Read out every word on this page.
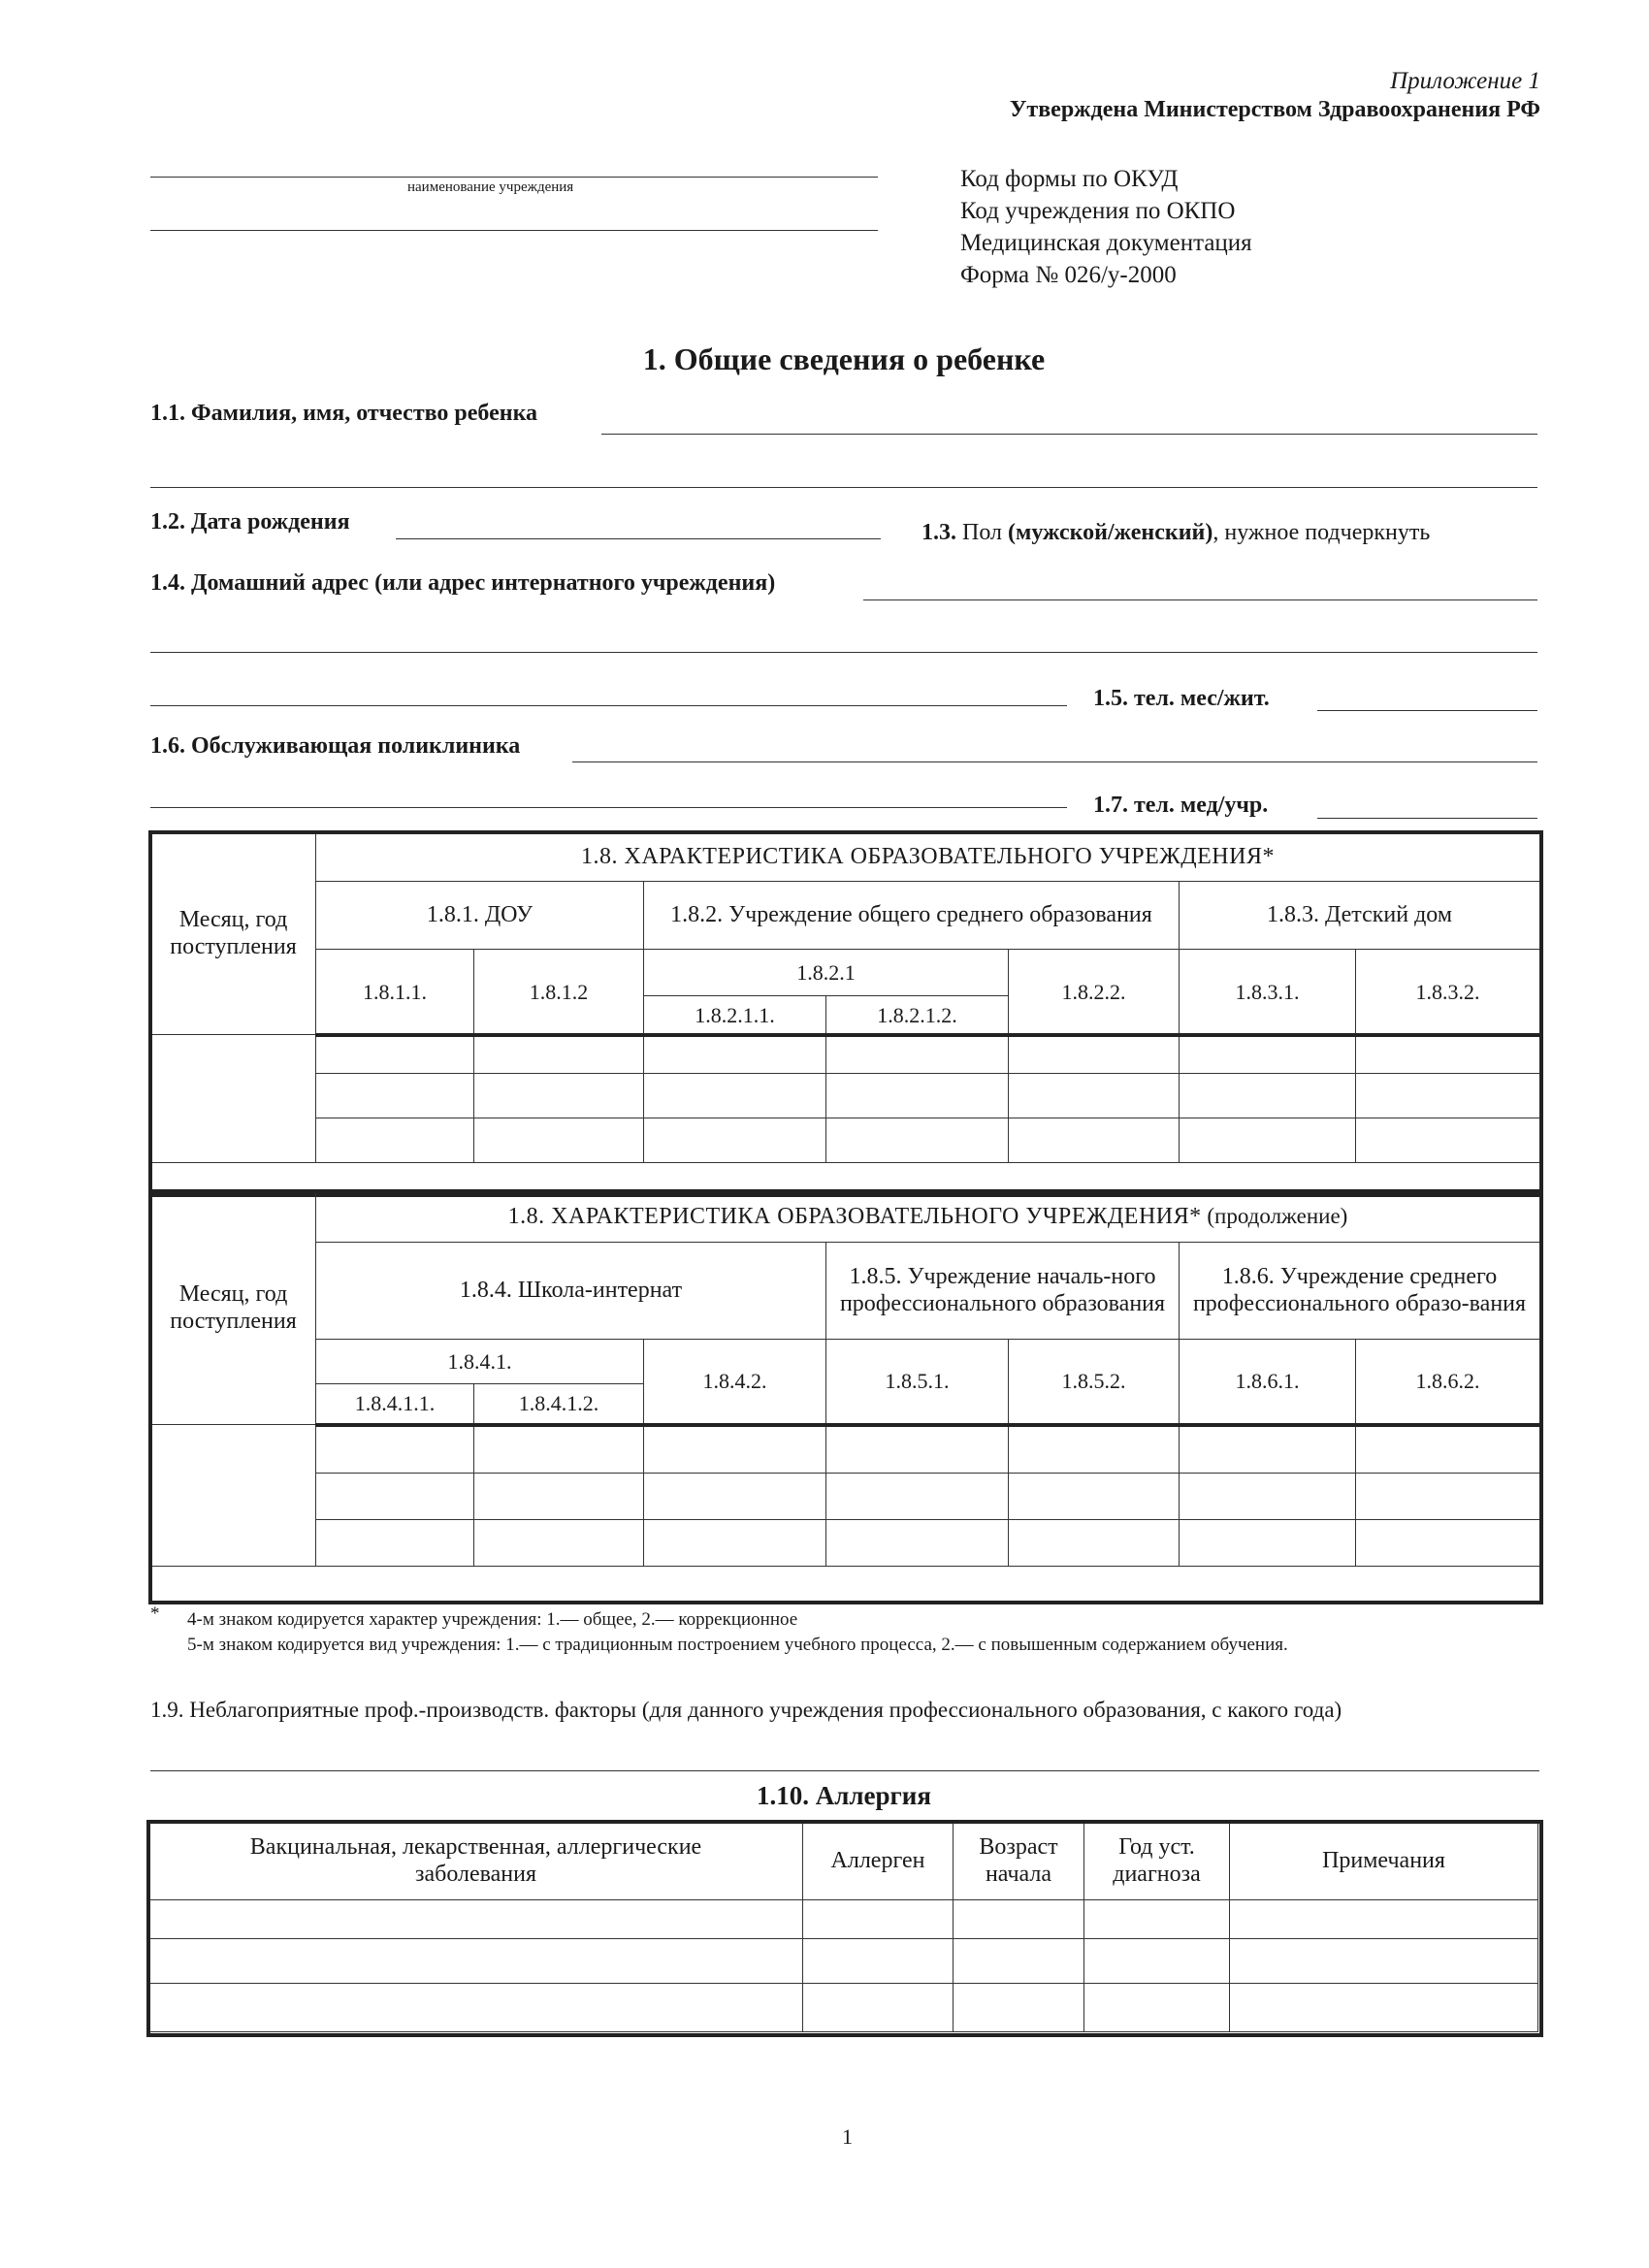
Приложение 1
Утверждена Министерством Здравоохранения РФ
наименование учреждения	Код формы по ОКУД
Код учреждения по ОКПО
Медицинская документация
Форма № 026/у-2000
1. Общие сведения о ребенке
1.1. Фамилия, имя, отчество ребенка
1.2. Дата рождения	1.3. Пол (мужской/женский), нужное подчеркнуть
1.4. Домашний адрес (или адрес интернатного учреждения)
1.5. тел. мес/жит.
1.6. Обслуживающая поликлиника
1.7. тел. мед/учр.
Месяц, год поступления	1.8. ХАРАКТЕРИСТИКА ОБРАЗОВАТЕЛЬНОГО УЧРЕЖДЕНИЯ*						
	1.8.1. ДОУ		1.8.2. Учреждение общего среднего образования			1.8.3. Детский дом	
	1.8.1.1.	1.8.1.2	1.8.2.1		1.8.2.2.	1.8.3.1.	1.8.3.2.
			1.8.2.1.1.	1.8.2.1.2.			

Месяц, год поступления	1.8. ХАРАКТЕРИСТИКА ОБРАЗОВАТЕЛЬНОГО УЧРЕЖДЕНИЯ* (продолжение)						
	1.8.4. Школа-интернат			1.8.5. Учреждение началь-ного профессионального образования		1.8.6. Учреждение среднего профессионального образо-вания	
	1.8.4.1.		1.8.4.2.	1.8.5.1.	1.8.5.2.	1.8.6.1.	1.8.6.2.
	1.8.4.1.1.	1.8.4.1.2.					

* 4-м знаком кодируется характер учреждения: 1.— общее, 2.— коррекционное
5-м знаком кодируется вид учреждения: 1.— с традиционным построением учебного процесса, 2.— с повышенным содержанием обучения.
1.9. Неблагоприятные проф.-производств. факторы (для данного учреждения профессионального образования, с какого года)
1.10. Аллергия
Вакцинальная, лекарственная, аллергические заболевания	Аллерген	Возраст начала	Год уст. диагноза	Примечания

1
